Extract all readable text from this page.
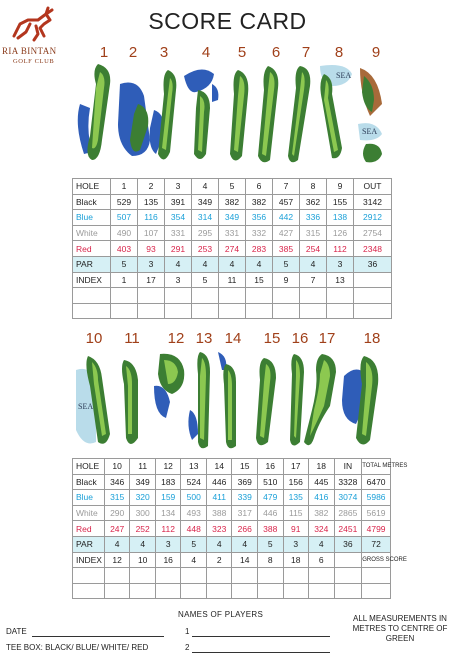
RIA BINTAN
GOLF CLUB
SCORE CARD
1	2	3	4	5	6	7	8	9
SEA
SEA
HOLE	1	2	3	4	5	6	7	8	9	OUT
Black	529	135	391	349	382	382	457	362	155	3142
Blue	507	116	354	314	349	356	442	336	138	2912
White	490	107	331	295	331	332	427	315	126	2754
Red	403	93	291	253	274	283	385	254	112	2348
PAR	5	3	4	4	4	4	5	4	3	36
INDEX	1	17	3	5	11	15	9	7	13	

10 11 12 13 14 15 16 17 18
SEA
HOLE	10	11	12	13	14	15	16	17	18	IN	TOTAL METRES
Black	346	349	183	524	446	369	510	156	445	3328	6470
Blue	315	320	159	500	411	339	479	135	416	3074	5986
White	290	300	134	493	388	317	446	115	382	2865	5619
Red	247	252	112	448	323	266	388	91	324	2451	4799
PAR	4	4	3	5	4	4	5	3	4	36	72
INDEX	12	10	16	4	2	14	8	18	6		GROSS SCORE

NAMES OF PLAYERS
1
2
DATE
TEE BOX: BLACK/ BLUE/ WHITE/ RED
ALL MEASUREMENTS IN METRES TO CENTRE OF GREEN
